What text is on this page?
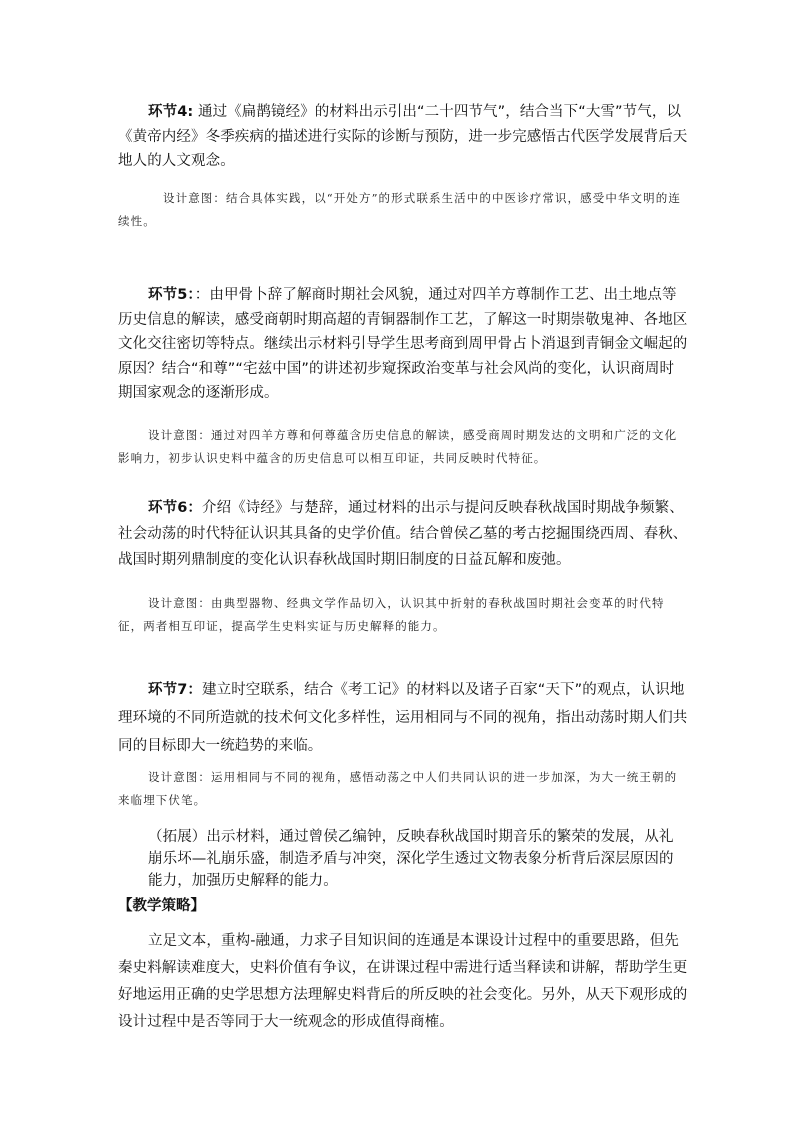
环节4: 通过《扁鹊镜经》的材料出示引出“二十四节气”，结合当下“大雪”节气，以《黄帝内经》冬季疾病的描述进行实际的诊断与预防，进一步完感悟古代医学发展背后天地人的人文观念。
设计意图：结合具体实践，以“开处方”的形式联系生活中的中医诊疗常识，感受中华文明的连续性。
环节5：：由甲骨卜辞了解商时期社会风貌，通过对四羊方尊制作工艺、出土地点等历史信息的解读，感受商朝时期高超的青铜器制作工艺，了解这一时期崇敬鬼神、各地区文化交往密切等特点。继续出示材料引导学生思考商到周甲骨占卜消退到青铜金文崛起的原因？结合“和尊”“宅兹中国”的讲述初步窥探政治变革与社会风尚的变化，认识商周时期国家观念的逐渐形成。
设计意图：通过对四羊方尊和何尊蕴含历史信息的解读，感受商周时期发达的文明和广泛的文化影响力，初步认识史料中蕴含的历史信息可以相互印证，共同反映时代特征。
环节6：介绍《诗经》与楚辞，通过材料的出示与提问反映春秋战国时期战争频繁、社会动荡的时代特征认识其具备的史学价值。结合曾侯乙墓的考古挖掘围绕西周、春秋、战国时期列鼎制度的变化认识春秋战国时期旧制度的日益瓦解和废弛。
设计意图：由典型器物、经典文学作品切入，认识其中折射的春秋战国时期社会变革的时代特征，两者相互印证，提高学生史料实证与历史解释的能力。
环节7：建立时空联系，结合《考工记》的材料以及诸子百家“天下”的观点，认识地理环境的不同所造就的技术何文化多样性，运用相同与不同的视角，指出动荡时期人们共同的目标即大一统趋势的来临。
设计意图：运用相同与不同的视角，感悟动荡之中人们共同认识的进一步加深，为大一统王朝的来临埋下伏笔。
（拓展）出示材料，通过曾侯乙编钟，反映春秋战国时期音乐的繁荣的发展，从礼崩乐坏—礼崩乐盛，制造矛盾与冲突，深化学生透过文物表象分析背后深层原因的能力，加强历史解释的能力。
【教学策略】
立足文本，重构-融通，力求子目知识间的连通是本课设计过程中的重要思路，但先秦史料解读难度大，史料价值有争议，在讲课过程中需进行适当释读和讲解，帮助学生更好地运用正确的史学思想方法理解史料背后的所反映的社会变化。另外，从天下观形成的设计过程中是否等同于大一统观念的形成值得商榷。
